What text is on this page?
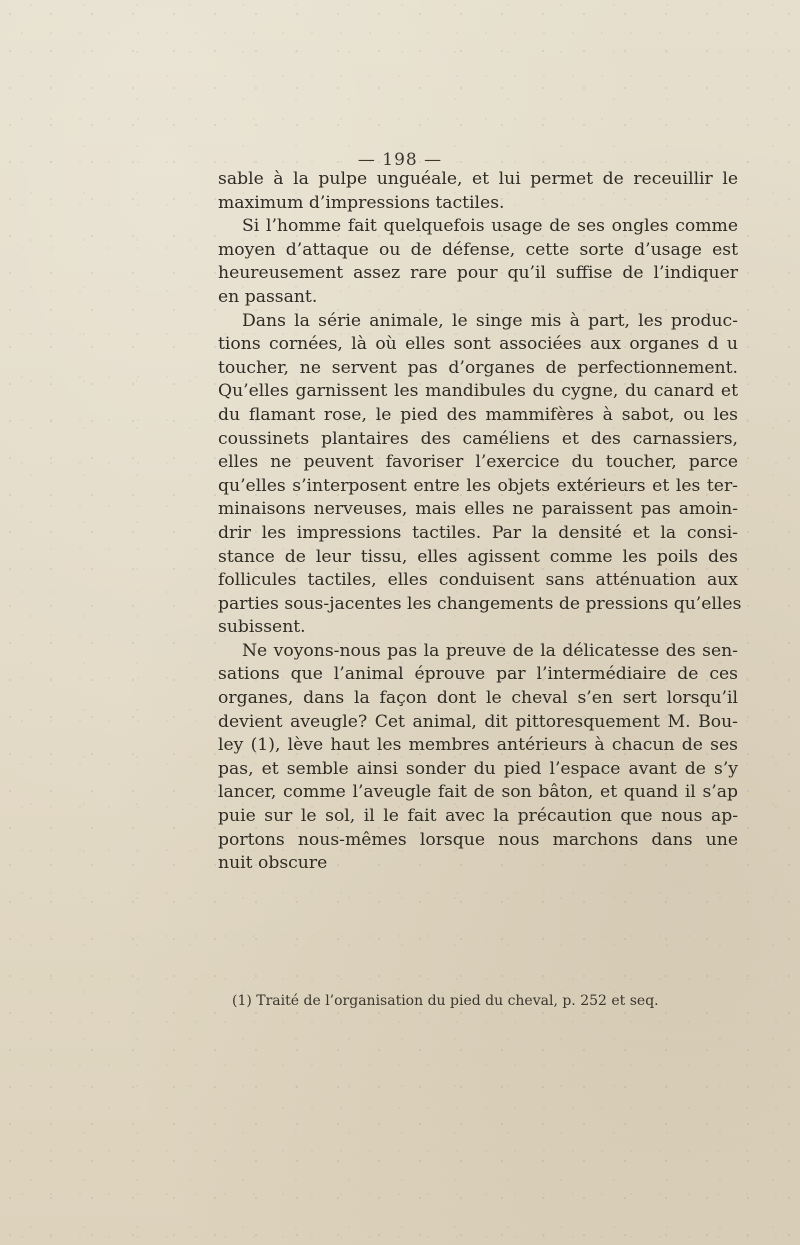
— 198 —
sable à la pulpe unguéale, et lui permet de receuillir le
maximum d’impressions tactiles.
Si l’homme fait quelquefois usage de ses ongles comme
moyen d’attaque ou de défense, cette sorte d’usage est
heureusement assez rare pour qu’il suffise de l’indiquer
en passant.
Dans la série animale, le singe mis à part, les produc-
tions cornées, là où elles sont associées aux organes d u
toucher, ne servent pas d’organes de perfectionnement.
Qu’elles garnissent les mandibules du cygne, du canard et
du flamant rose, le pied des mammifères à sabot, ou les
coussinets plantaires des caméliens et des carnassiers,
elles ne peuvent favoriser l’exercice du toucher, parce
qu’elles s’interposent entre les objets extérieurs et les ter-
minaisons nerveuses, mais elles ne paraissent pas amoin-
drir les impressions tactiles. Par la densité et la consi-
stance de leur tissu, elles agissent comme les poils des
follicules tactiles, elles conduisent sans atténuation aux
parties sous-jacentes les changements de pressions qu’elles
subissent.
Ne voyons-nous pas la preuve de la délicatesse des sen-
sations que l’animal éprouve par l’intermédiaire de ces
organes, dans la façon dont le cheval s’en sert lorsqu’il
devient aveugle? Cet animal, dit pittoresquement M. Bou-
ley (1), lève haut les membres antérieurs à chacun de ses
pas, et semble ainsi sonder du pied l’espace avant de s’y
lancer, comme l’aveugle fait de son bâton, et quand il s’ap
puie sur le sol, il le fait avec la précaution que nous ap-
portons nous-mêmes lorsque nous marchons dans une
nuit obscure
(1) Traité de l’organisation du pied du cheval, p. 252 et seq.
